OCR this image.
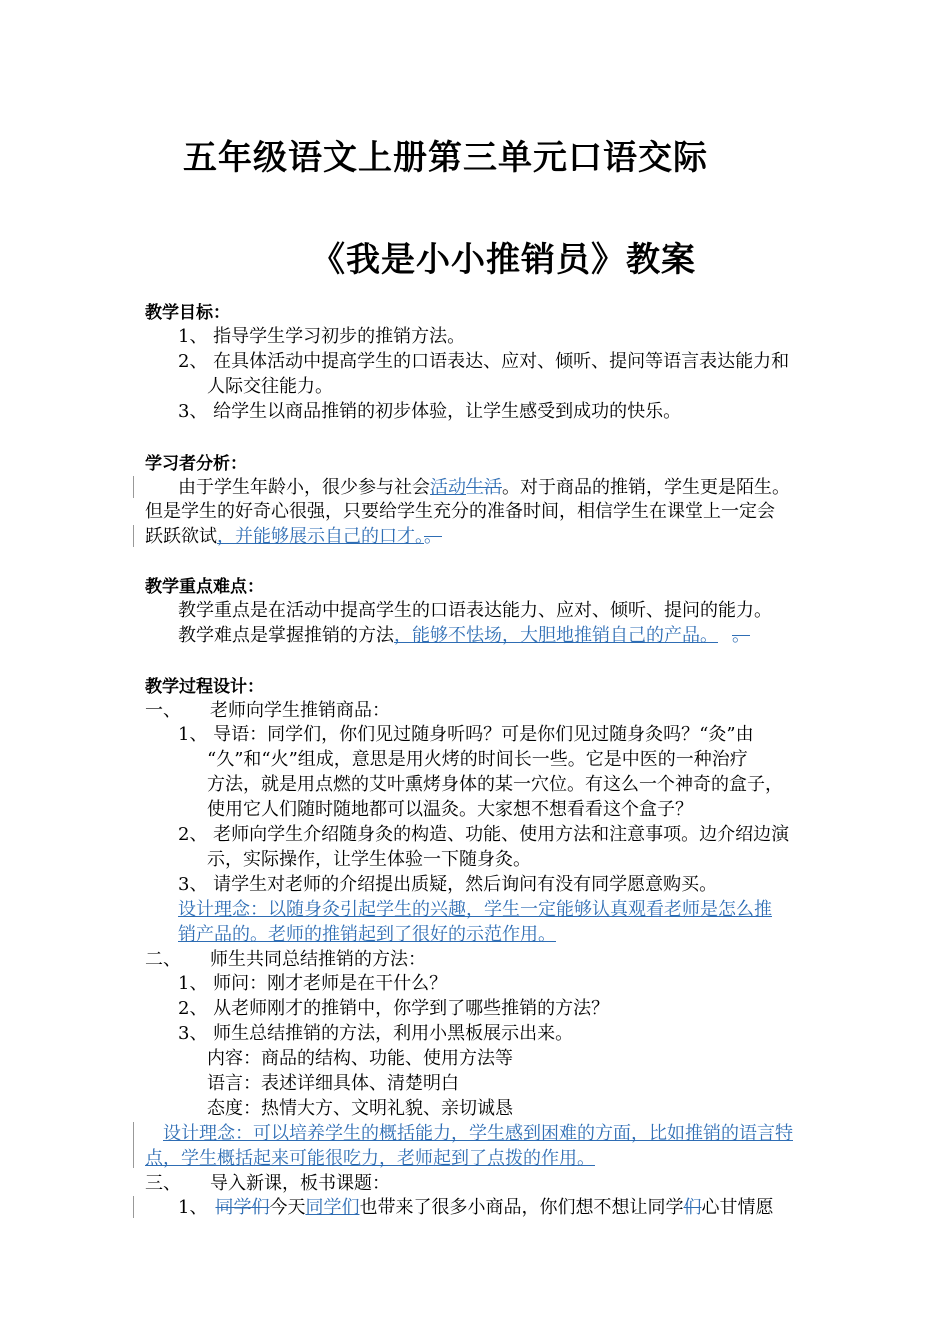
五年级语文上册第三单元口语交际
《我是小小推销员》教案
教学目标：
1、 指导学生学习初步的推销方法。
2、 在具体活动中提高学生的口语表达、应对、倾听、提问等语言表达能力和
人际交往能力。
3、 给学生以商品推销的初步体验，让学生感受到成功的快乐。
学习者分析：
由于学生年龄小，很少参与社会活动生活。对于商品的推销，学生更是陌生。
但是学生的好奇心很强，只要给学生充分的准备时间，相信学生在课堂上一定会
跃跃欲试，并能够展示自己的口才。。
教学重点难点：
教学重点是在活动中提高学生的口语表达能力、应对、倾听、提问的能力。
教学难点是掌握推销的方法，能够不怯场，大胆地推销自己的产品。 。
教学过程设计：
一、 老师向学生推销商品：
1、 导语：同学们，你们见过随身听吗？可是你们见过随身灸吗？“灸”由
“久”和“火”组成，意思是用火烤的时间长一些。它是中医的一种治疗
方法，就是用点燃的艾叶熏烤身体的某一穴位。有这么一个神奇的盒子，
使用它人们随时随地都可以温灸。大家想不想看看这个盒子？
2、 老师向学生介绍随身灸的构造、功能、使用方法和注意事项。边介绍边演
示，实际操作，让学生体验一下随身灸。
3、 请学生对老师的介绍提出质疑，然后询问有没有同学愿意购买。
设计理念：以随身灸引起学生的兴趣，学生一定能够认真观看老师是怎么推
销产品的。老师的推销起到了很好的示范作用。
二、 师生共同总结推销的方法：
1、 师问：刚才老师是在干什么？
2、 从老师刚才的推销中，你学到了哪些推销的方法？
3、 师生总结推销的方法，利用小黑板展示出来。
内容：商品的结构、功能、使用方法等
语言：表述详细具体、清楚明白
态度：热情大方、文明礼貌、亲切诚恳
设计理念：可以培养学生的概括能力，学生感到困难的方面，比如推销的语言特
点，学生概括起来可能很吃力，老师起到了点拨的作用。
三、 导入新课，板书课题：
1、 同学们今天同学们也带来了很多小商品，你们想不想让同学们心甘情愿
